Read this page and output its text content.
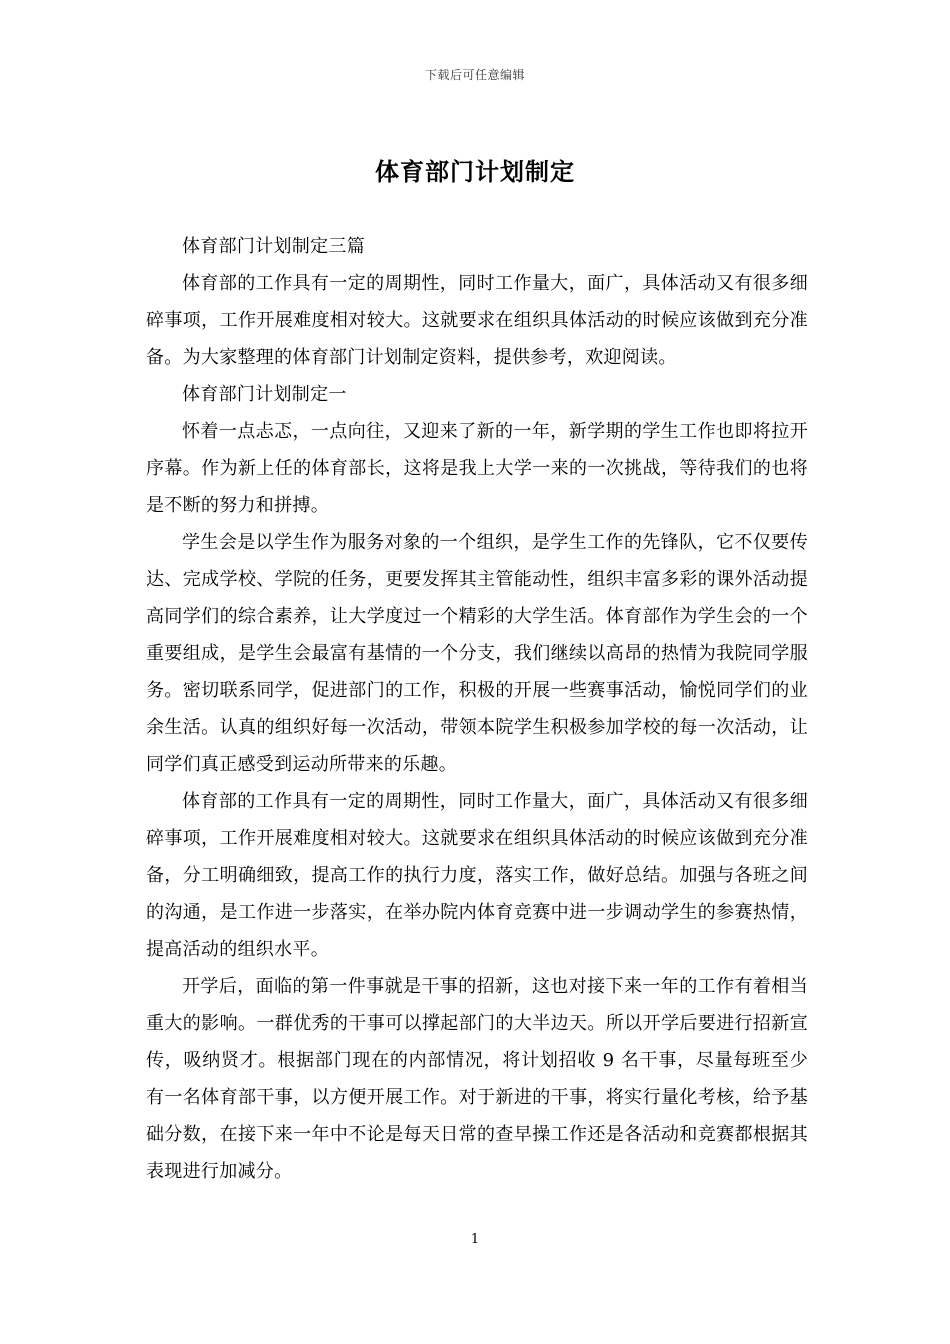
下载后可任意编辑
体育部门计划制定

体育部门计划制定三篇

体育部的工作具有一定的周期性，同时工作量大，面广，具体活动又有很多细碎事项，工作开展难度相对较大。这就要求在组织具体活动的时候应该做到充分准备。为大家整理的体育部门计划制定资料，提供参考，欢迎阅读。

体育部门计划制定一

怀着一点忐忑，一点向往，又迎来了新的一年，新学期的学生工作也即将拉开序幕。作为新上任的体育部长，这将是我上大学一来的一次挑战，等待我们的也将是不断的努力和拼搏。

学生会是以学生作为服务对象的一个组织，是学生工作的先锋队，它不仅要传达、完成学校、学院的任务，更要发挥其主管能动性，组织丰富多彩的课外活动提高同学们的综合素养，让大学度过一个精彩的大学生活。体育部作为学生会的一个重要组成，是学生会最富有基情的一个分支，我们继续以高昂的热情为我院同学服务。密切联系同学，促进部门的工作，积极的开展一些赛事活动，愉悦同学们的业余生活。认真的组织好每一次活动，带领本院学生积极参加学校的每一次活动，让同学们真正感受到运动所带来的乐趣。

体育部的工作具有一定的周期性，同时工作量大，面广，具体活动又有很多细碎事项，工作开展难度相对较大。这就要求在组织具体活动的时候应该做到充分准备，分工明确细致，提高工作的执行力度，落实工作，做好总结。加强与各班之间的沟通，是工作进一步落实，在举办院内体育竞赛中进一步调动学生的参赛热情，提高活动的组织水平。

开学后，面临的第一件事就是干事的招新，这也对接下来一年的工作有着相当重大的影响。一群优秀的干事可以撑起部门的大半边天。所以开学后要进行招新宣传，吸纳贤才。根据部门现在的内部情况，将计划招收 9 名干事，尽量每班至少有一名体育部干事，以方便开展工作。对于新进的干事，将实行量化考核，给予基础分数，在接下来一年中不论是每天日常的查早操工作还是各活动和竞赛都根据其表现进行加减分。

1
